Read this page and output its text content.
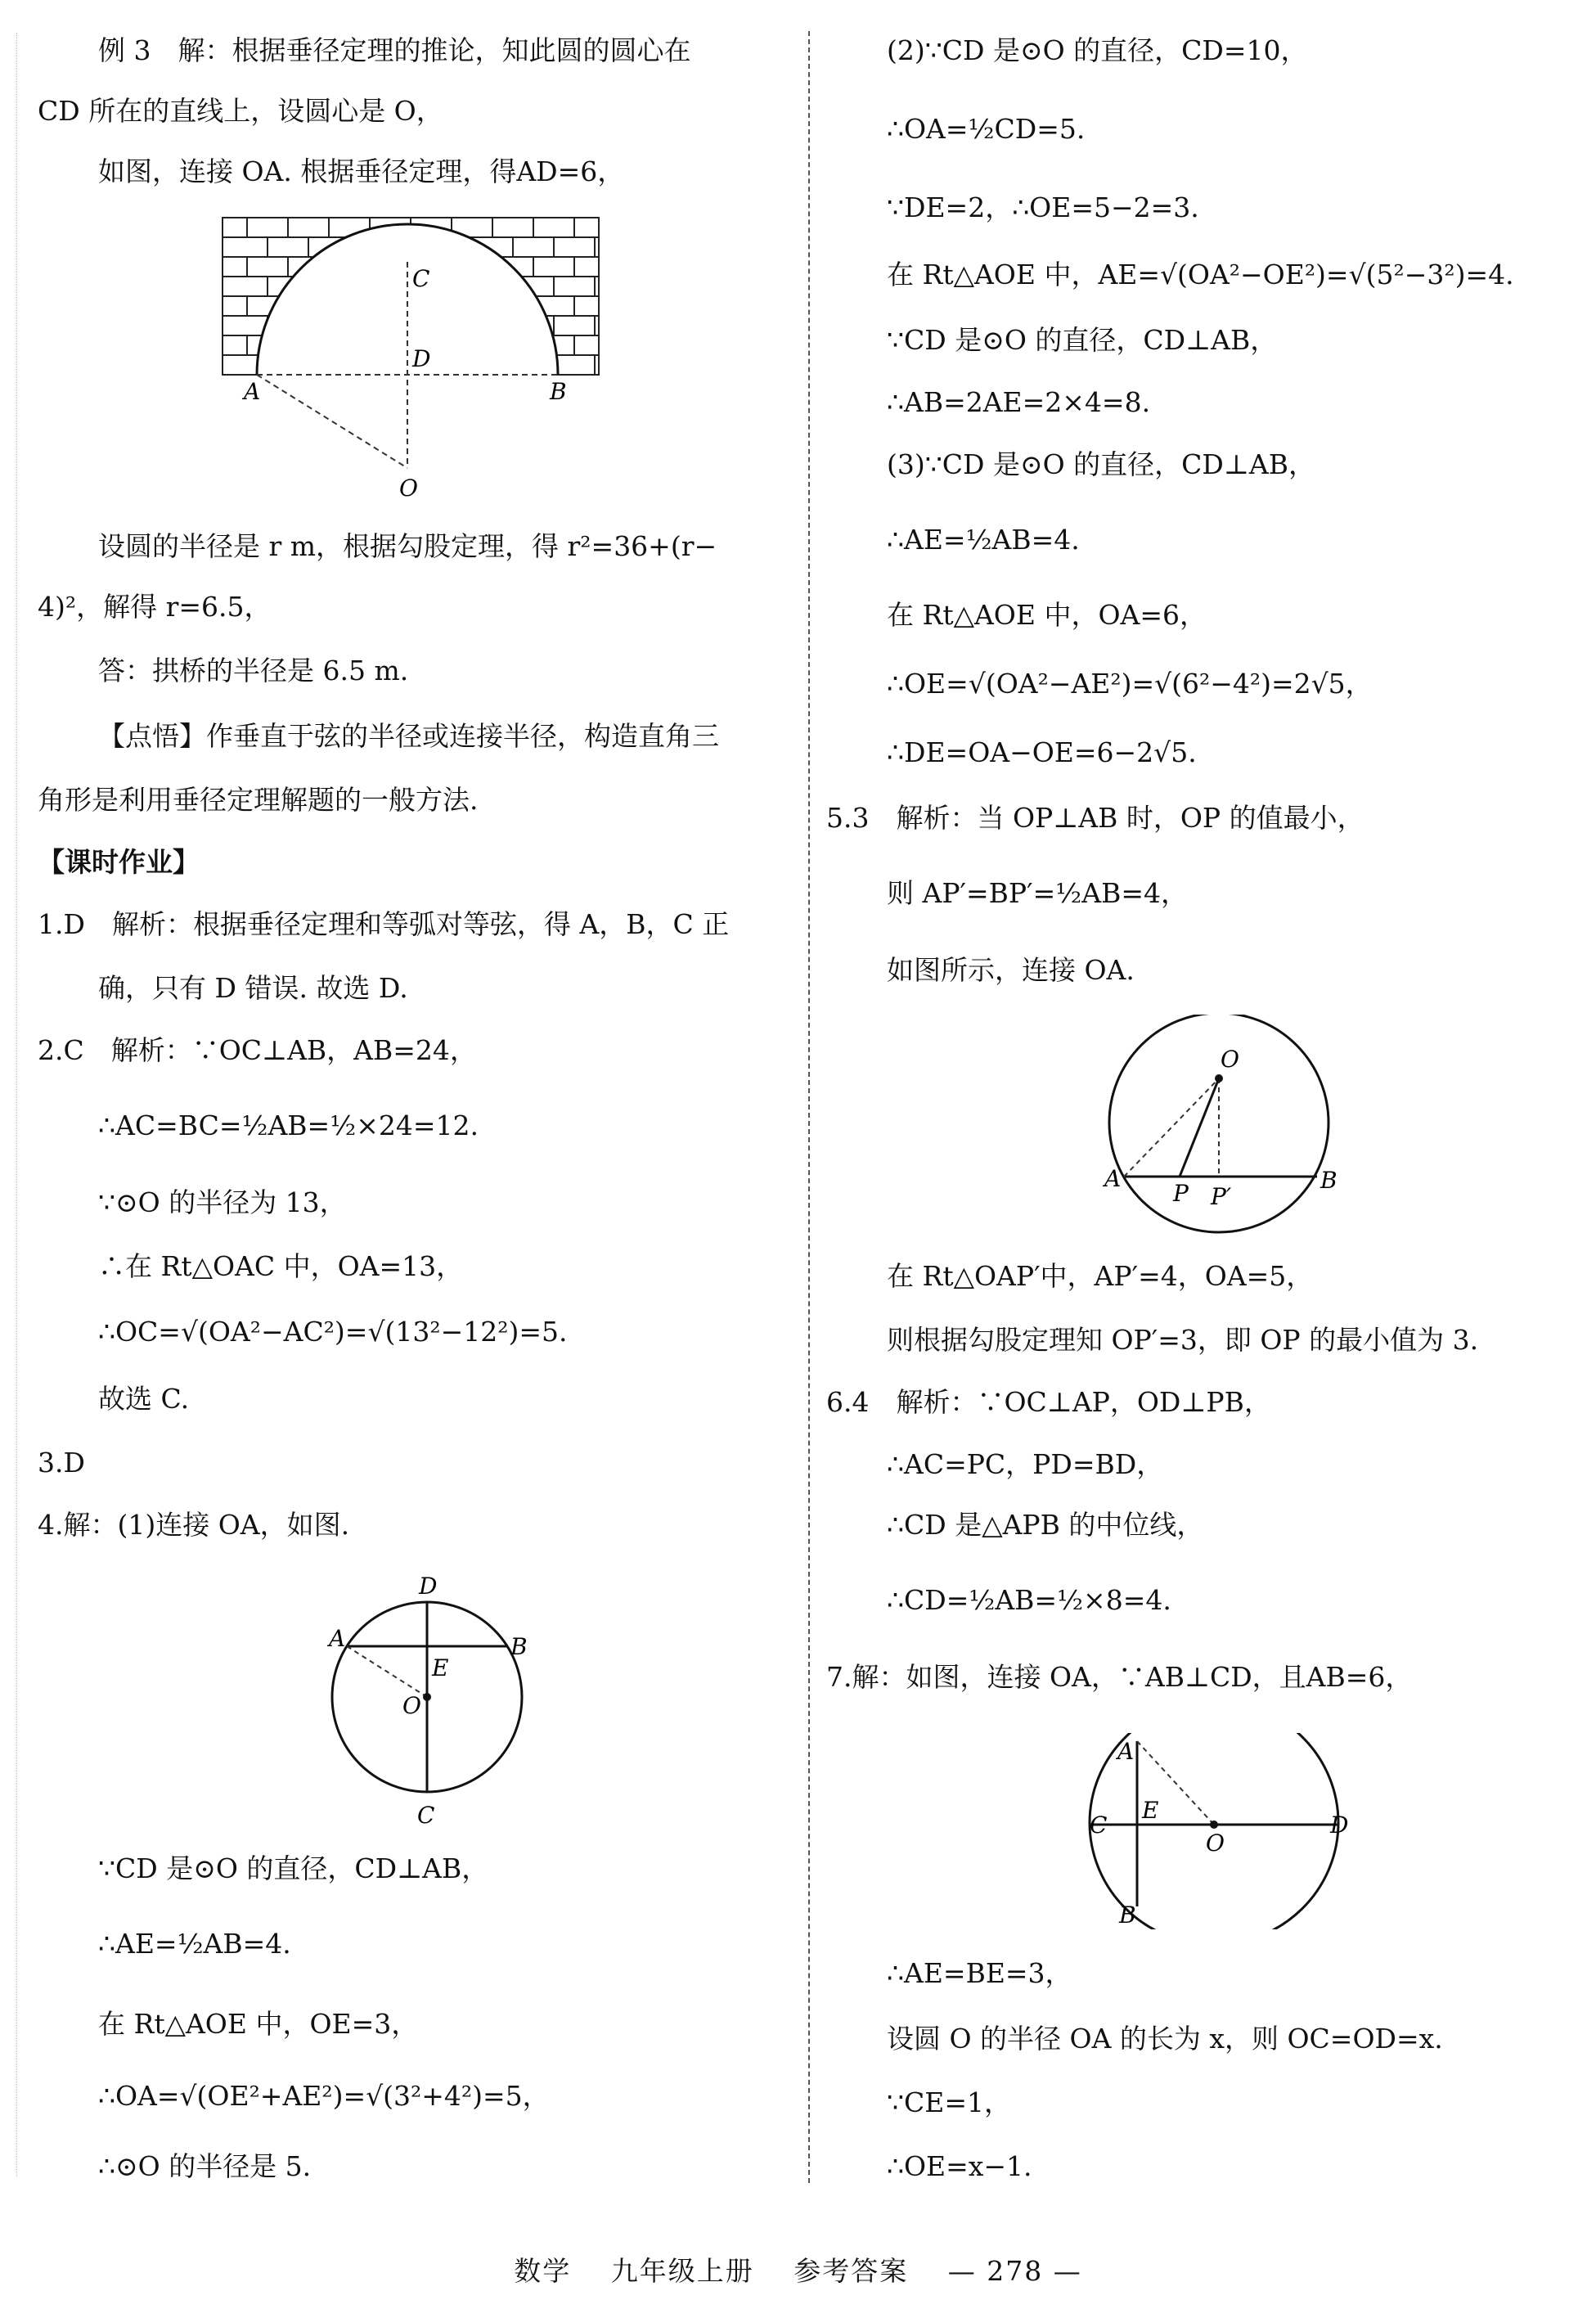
例 3　解：根据垂径定理的推论，知此圆的圆心在
CD 所在的直线上，设圆心是 O，
如图，连接 OA. 根据垂径定理，得AD=6，
C
D
A	B
O
设圆的半径是 r m，根据勾股定理，得 r²=36+(r−
4)²，解得 r=6.5，
答：拱桥的半径是 6.5 m.
【点悟】作垂直于弦的半径或连接半径，构造直角三
角形是利用垂径定理解题的一般方法.
【课时作业】
1.D　解析：根据垂径定理和等弧对等弦，得 A，B，C 正
确，只有 D 错误. 故选 D.
2.C　解析：∵OC⊥AB，AB=24，
∴AC=BC=½AB=½×24=12.
∵⊙O 的半径为 13，
∴在 Rt△OAC 中，OA=13，
∴OC=√(OA²−AC²)=√(13²−12²)=5.
故选 C.
3.D
4.解：(1)连接 OA，如图.
D
A	B
E
O
C
∵CD 是⊙O 的直径，CD⊥AB，
∴AE=½AB=4.
在 Rt△AOE 中，OE=3，
∴OA=√(OE²+AE²)=√(3²+4²)=5，
∴⊙O 的半径是 5.
(2)∵CD 是⊙O 的直径，CD=10，
∴OA=½CD=5.
∵DE=2，∴OE=5−2=3.
在 Rt△AOE 中，AE=√(OA²−OE²)=√(5²−3²)=4.
∵CD 是⊙O 的直径，CD⊥AB，
∴AB=2AE=2×4=8.
(3)∵CD 是⊙O 的直径，CD⊥AB，
∴AE=½AB=4.
在 Rt△AOE 中，OA=6，
∴OE=√(OA²−AE²)=√(6²−4²)=2√5，
∴DE=OA−OE=6−2√5.
5.3　解析：当 OP⊥AB 时，OP 的值最小，
则 AP′=BP′=½AB=4，
如图所示，连接 OA.
O
A
P P′
B
在 Rt△OAP′中，AP′=4，OA=5，
则根据勾股定理知 OP′=3，即 OP 的最小值为 3.
6.4　解析：∵OC⊥AP，OD⊥PB，
∴AC=PC，PD=BD，
∴CD 是△APB 的中位线，
∴CD=½AB=½×8=4.
7.解：如图，连接 OA，∵AB⊥CD，且AB=6，
A
E
C
O
D
B
∴AE=BE=3，
设圆 O 的半径 OA 的长为 x，则 OC=OD=x.
∵CE=1，
∴OE=x−1.
数学 九年级上册 参考答案 — 278 —
